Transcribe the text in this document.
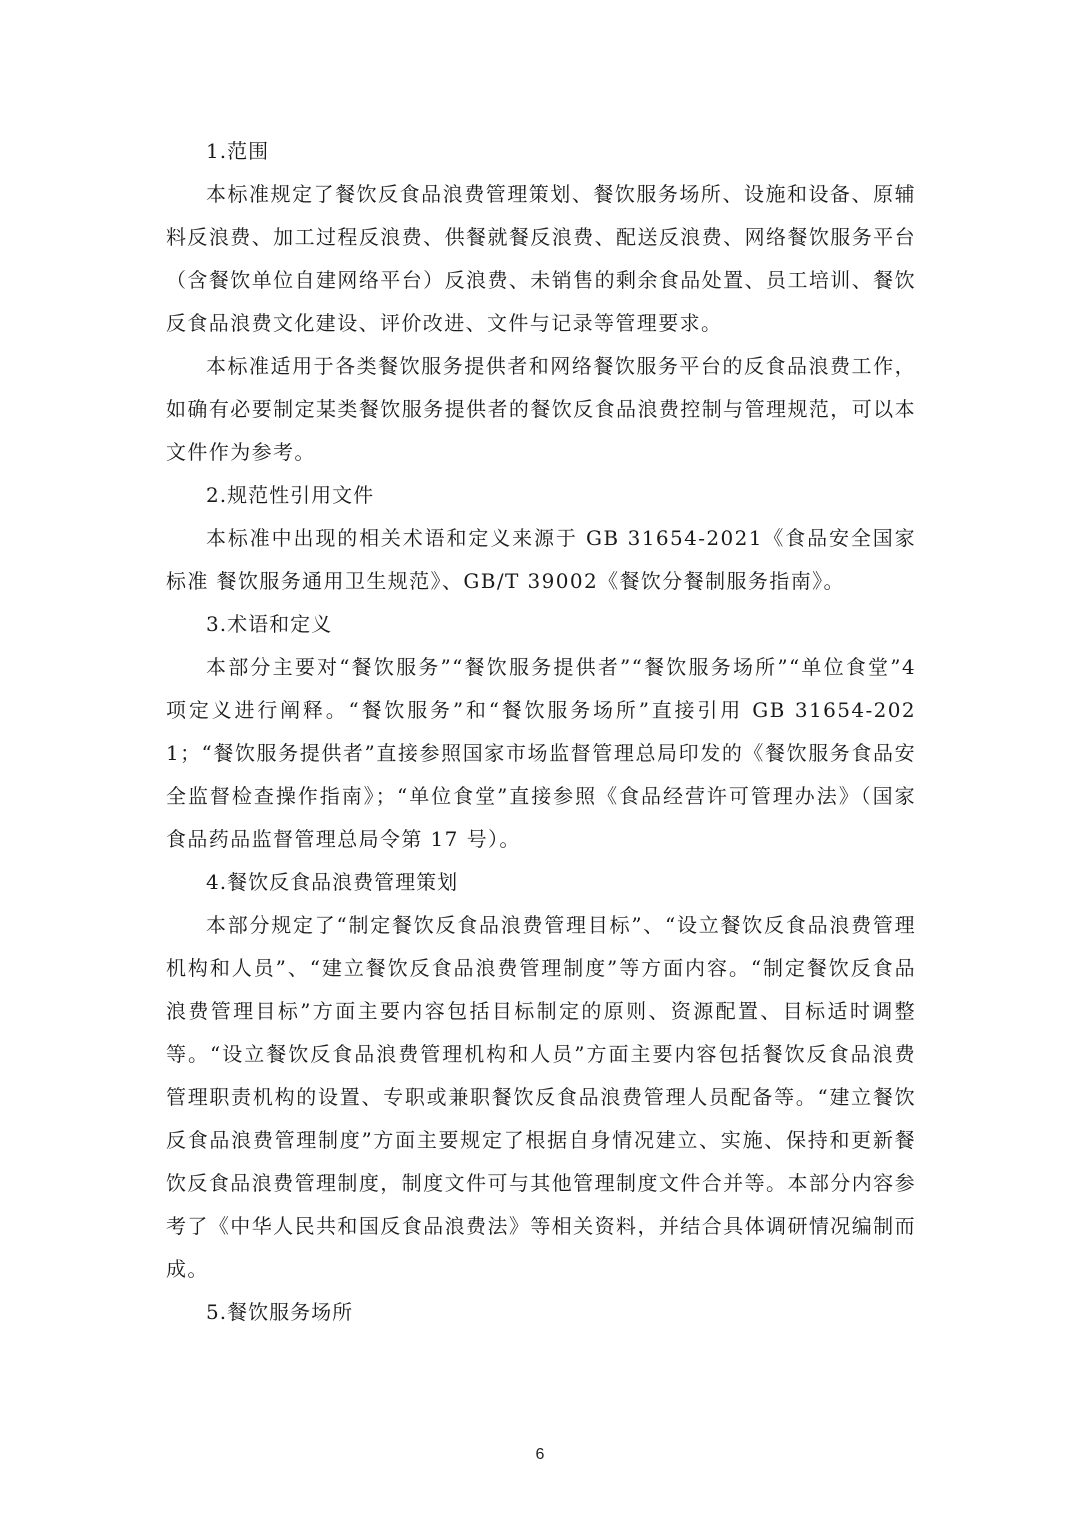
1.范围

本标准规定了餐饮反食品浪费管理策划、餐饮服务场所、设施和设备、原辅料反浪费、加工过程反浪费、供餐就餐反浪费、配送反浪费、网络餐饮服务平台（含餐饮单位自建网络平台）反浪费、未销售的剩余食品处置、员工培训、餐饮反食品浪费文化建设、评价改进、文件与记录等管理要求。

本标准适用于各类餐饮服务提供者和网络餐饮服务平台的反食品浪费工作，如确有必要制定某类餐饮服务提供者的餐饮反食品浪费控制与管理规范，可以本文件作为参考。

2.规范性引用文件

本标准中出现的相关术语和定义来源于 GB 31654-2021《食品安全国家标准 餐饮服务通用卫生规范》、GB/T 39002《餐饮分餐制服务指南》。

3.术语和定义

本部分主要对“餐饮服务”“餐饮服务提供者”“餐饮服务场所”“单位食堂”4 项定义进行阐释。“餐饮服务”和“餐饮服务场所”直接引用 GB 31654-2021；“餐饮服务提供者”直接参照国家市场监督管理总局印发的《餐饮服务食品安全监督检查操作指南》；“单位食堂”直接参照《食品经营许可管理办法》（国家食品药品监督管理总局令第 17 号）。

4.餐饮反食品浪费管理策划

本部分规定了“制定餐饮反食品浪费管理目标”、“设立餐饮反食品浪费管理机构和人员”、“建立餐饮反食品浪费管理制度”等方面内容。“制定餐饮反食品浪费管理目标”方面主要内容包括目标制定的原则、资源配置、目标适时调整等。“设立餐饮反食品浪费管理机构和人员”方面主要内容包括餐饮反食品浪费管理职责机构的设置、专职或兼职餐饮反食品浪费管理人员配备等。“建立餐饮反食品浪费管理制度”方面主要规定了根据自身情况建立、实施、保持和更新餐饮反食品浪费管理制度，制度文件可与其他管理制度文件合并等。本部分内容参考了《中华人民共和国反食品浪费法》等相关资料，并结合具体调研情况编制而成。

5.餐饮服务场所

6
